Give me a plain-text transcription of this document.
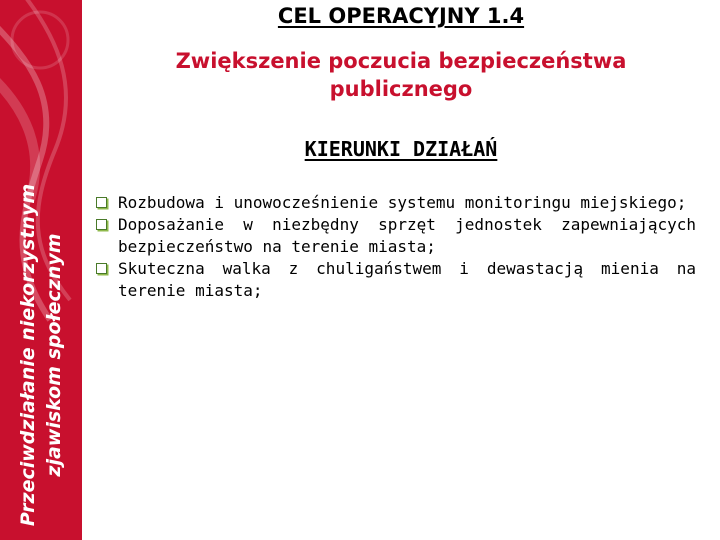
Przeciwdziałanie niekorzystnym zjawiskom społecznym
CEL OPERACYJNY 1.4
Zwiększenie poczucia bezpieczeństwa
publicznego
KIERUNKI DZIAŁAŃ
Rozbudowa i unowocześnienie systemu monitoringu miejskiego;
Doposażanie w niezbędny sprzęt jednostek zapewniających bezpieczeństwo na terenie miasta;
Skuteczna walka z chuligaństwem i dewastacją mienia na terenie miasta;
